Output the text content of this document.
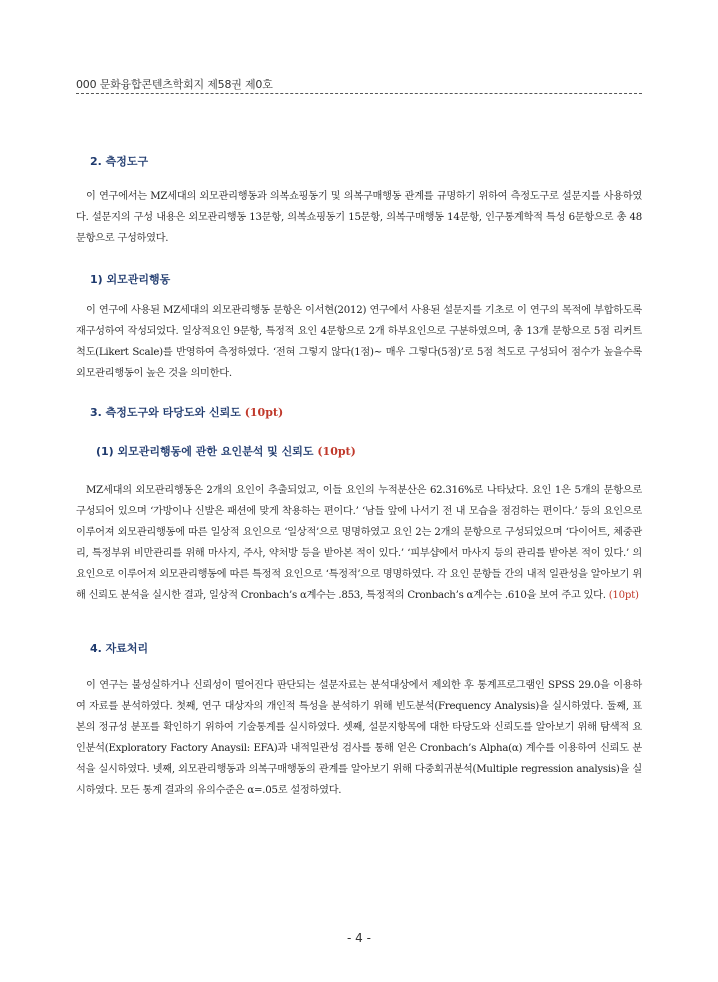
000 문화융합콘텐츠학회지 제58권 제0호
2. 측정도구
이 연구에서는 MZ세대의 외모관리행동과 의복쇼핑동기 및 의복구매행동 관계를 규명하기 위하여 측정도구로 설문지를 사용하였다. 설문지의 구성 내용은 외모관리행동 13문항, 의복쇼핑동기 15문항, 의복구매행동 14문항, 인구통계학적 특성 6문항으로 총 48문항으로 구성하였다.
1) 외모관리행동
이 연구에 사용된 MZ세대의 외모관리행동 문항은 이서현(2012) 연구에서 사용된 설문지를 기초로 이 연구의 목적에 부합하도록 재구성하여 작성되었다. 일상적요인 9문항, 특정적 요인 4문항으로 2개 하부요인으로 구분하였으며, 총 13개 문항으로 5점 리커트 척도(Likert Scale)를 반영하여 측정하였다. ‘전혀 그렇지 않다(1점)~ 매우 그렇다(5점)’로 5점 척도로 구성되어 점수가 높을수록 외모관리행동이 높은 것을 의미한다.
3. 측정도구와 타당도와 신뢰도 (10pt)
(1) 외모관리행동에 관한 요인분석 및 신뢰도 (10pt)
MZ세대의 외모관리행동은 2개의 요인이 추출되었고, 이들 요인의 누적분산은 62.316%로 나타났다. 요인 1은 5개의 문항으로 구성되어 있으며 ‘가방이나 신발은 패션에 맞게 착용하는 편이다.’ ‘남들 앞에 나서기 전 내 모습을 점검하는 편이다.’ 등의 요인으로 이루어져 외모관리행동에 따른 일상적 요인으로 ‘일상적’으로 명명하였고 요인 2는 2개의 문항으로 구성되었으며 ‘다이어트, 체중관리, 특정부위 비만관리를 위해 마사지, 주사, 약처방 등을 받아본 적이 있다.’ ‘피부샵에서 마사지 등의 관리를 받아본 적이 있다.’ 의 요인으로 이루어져 외모관리행동에 따른 특정적 요인으로 ‘특정적’으로 명명하였다. 각 요인 문항들 간의 내적 일관성을 알아보기 위해 신뢰도 분석을 실시한 결과, 일상적 Cronbach’s α계수는 .853, 특정적의 Cronbach’s α계수는 .610을 보여 주고 있다. (10pt)
4. 자료처리
이 연구는 불성실하거나 신뢰성이 떨어진다 판단되는 설문자료는 분석대상에서 제외한 후 통계프로그램인 SPSS 29.0을 이용하여 자료를 분석하였다. 첫째, 연구 대상자의 개인적 특성을 분석하기 위해 빈도분석(Frequency Analysis)을 실시하였다. 둘째, 표본의 정규성 분포를 확인하기 위하여 기술통계를 실시하였다. 셋째, 설문지항목에 대한 타당도와 신뢰도를 알아보기 위해 탐색적 요인분석(Exploratory Factory Anaysil: EFA)과 내적일관성 검사를 통해 얻은 Cronbach’s Alpha(α) 계수를 이용하여 신뢰도 분석을 실시하였다. 넷째, 외모관리행동과 의복구매행동의 관계를 알아보기 위해 다중회귀분석(Multiple regression analysis)을 실시하였다. 모든 통계 결과의 유의수준은 α=.05로 설정하였다.
- 4 -
